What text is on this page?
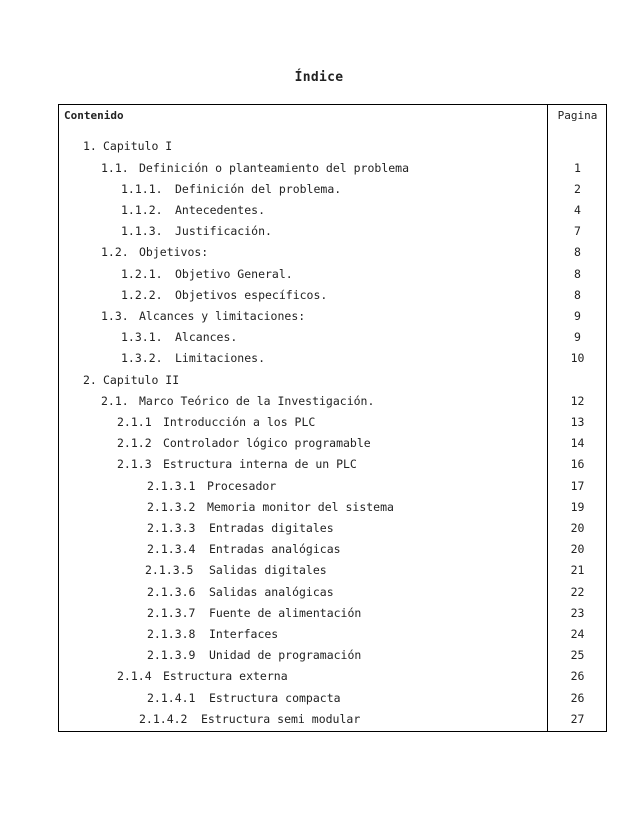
Índice
Contenido	Pagina
1. Capitulo I
1.1. Definición o planteamiento del problema	1
1.1.1. Definición del problema.	2
1.1.2. Antecedentes.	4
1.1.3. Justificación.	7
1.2. Objetivos:	8
1.2.1. Objetivo General.	8
1.2.2. Objetivos específicos.	8
1.3. Alcances y limitaciones:	9
1.3.1. Alcances.	9
1.3.2. Limitaciones.	10
2. Capitulo II
2.1. Marco Teórico de la Investigación.	12
2.1.1 Introducción a los PLC	13
2.1.2 Controlador lógico programable	14
2.1.3 Estructura interna de un PLC	16
2.1.3.1 Procesador	17
2.1.3.2 Memoria monitor del sistema	19
2.1.3.3 Entradas digitales	20
2.1.3.4 Entradas analógicas	20
2.1.3.5 Salidas digitales	21
2.1.3.6 Salidas analógicas	22
2.1.3.7 Fuente de alimentación	23
2.1.3.8 Interfaces	24
2.1.3.9 Unidad de programación	25
2.1.4 Estructura externa	26
2.1.4.1 Estructura compacta	26
2.1.4.2 Estructura semi modular	27
